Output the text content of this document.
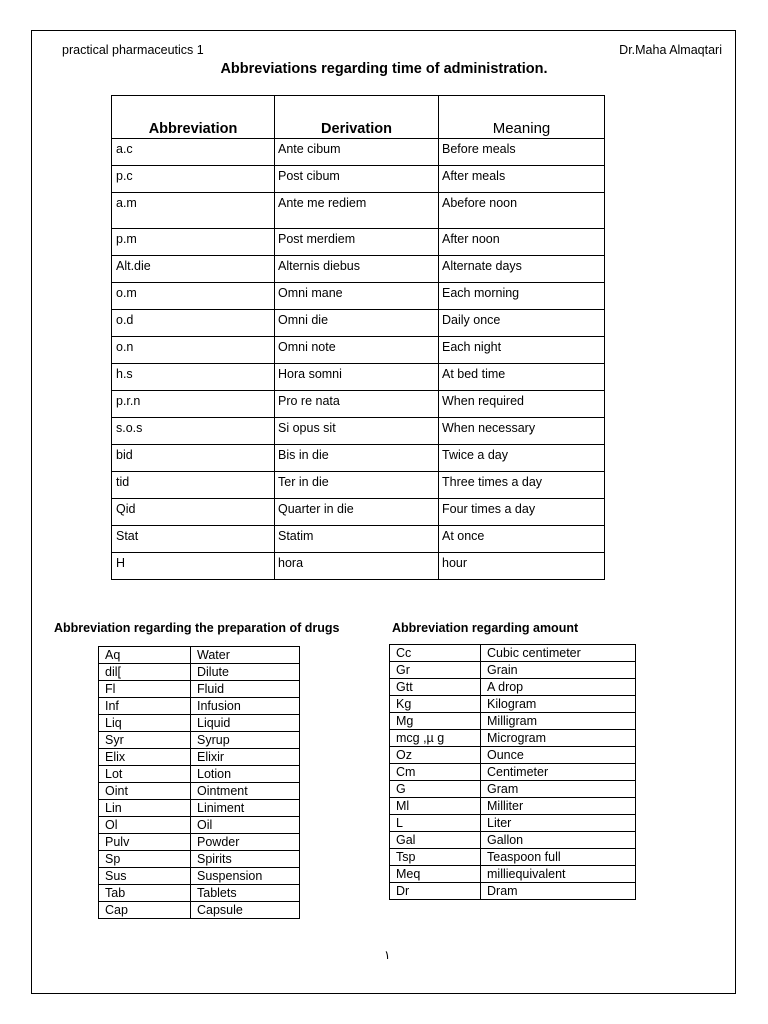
practical pharmaceutics 1	Dr.Maha Almaqtari
Abbreviations regarding time of administration.
Abbreviation	Derivation	Meaning
a.c	Ante cibum	Before meals
p.c	Post cibum	After meals
a.m	Ante me rediem	Abefore noon
p.m	Post merdiem	After noon
Alt.die	Alternis diebus	Alternate days
o.m	Omni mane	Each morning
o.d	Omni die	Daily once
o.n	Omni note	Each night
h.s	Hora somni	At bed time
p.r.n	Pro re nata	When required
s.o.s	Si opus sit	When necessary
bid	Bis in die	Twice a day
tid	Ter in die	Three times a day
Qid	Quarter in die	Four times a day
Stat	Statim	At once
H	hora	hour
Abbreviation regarding the preparation of drugs	Abbreviation regarding amount
Aq	Water
dil[	Dilute
Fl	Fluid
Inf	Infusion
Liq	Liquid
Syr	Syrup
Elix	Elixir
Lot	Lotion
Oint	Ointment
Lin	Liniment
Ol	Oil
Pulv	Powder
Sp	Spirits
Sus	Suspension
Tab	Tablets
Cap	Capsule
Cc	Cubic centimeter
Gr	Grain
Gtt	A drop
Kg	Kilogram
Mg	Milligram
mcg ,µ g	Microgram
Oz	Ounce
Cm	Centimeter
G	Gram
Ml	Milliter
L	Liter
Gal	Gallon
Tsp	Teaspoon full
Meq	milliequivalent
Dr	Dram
١
